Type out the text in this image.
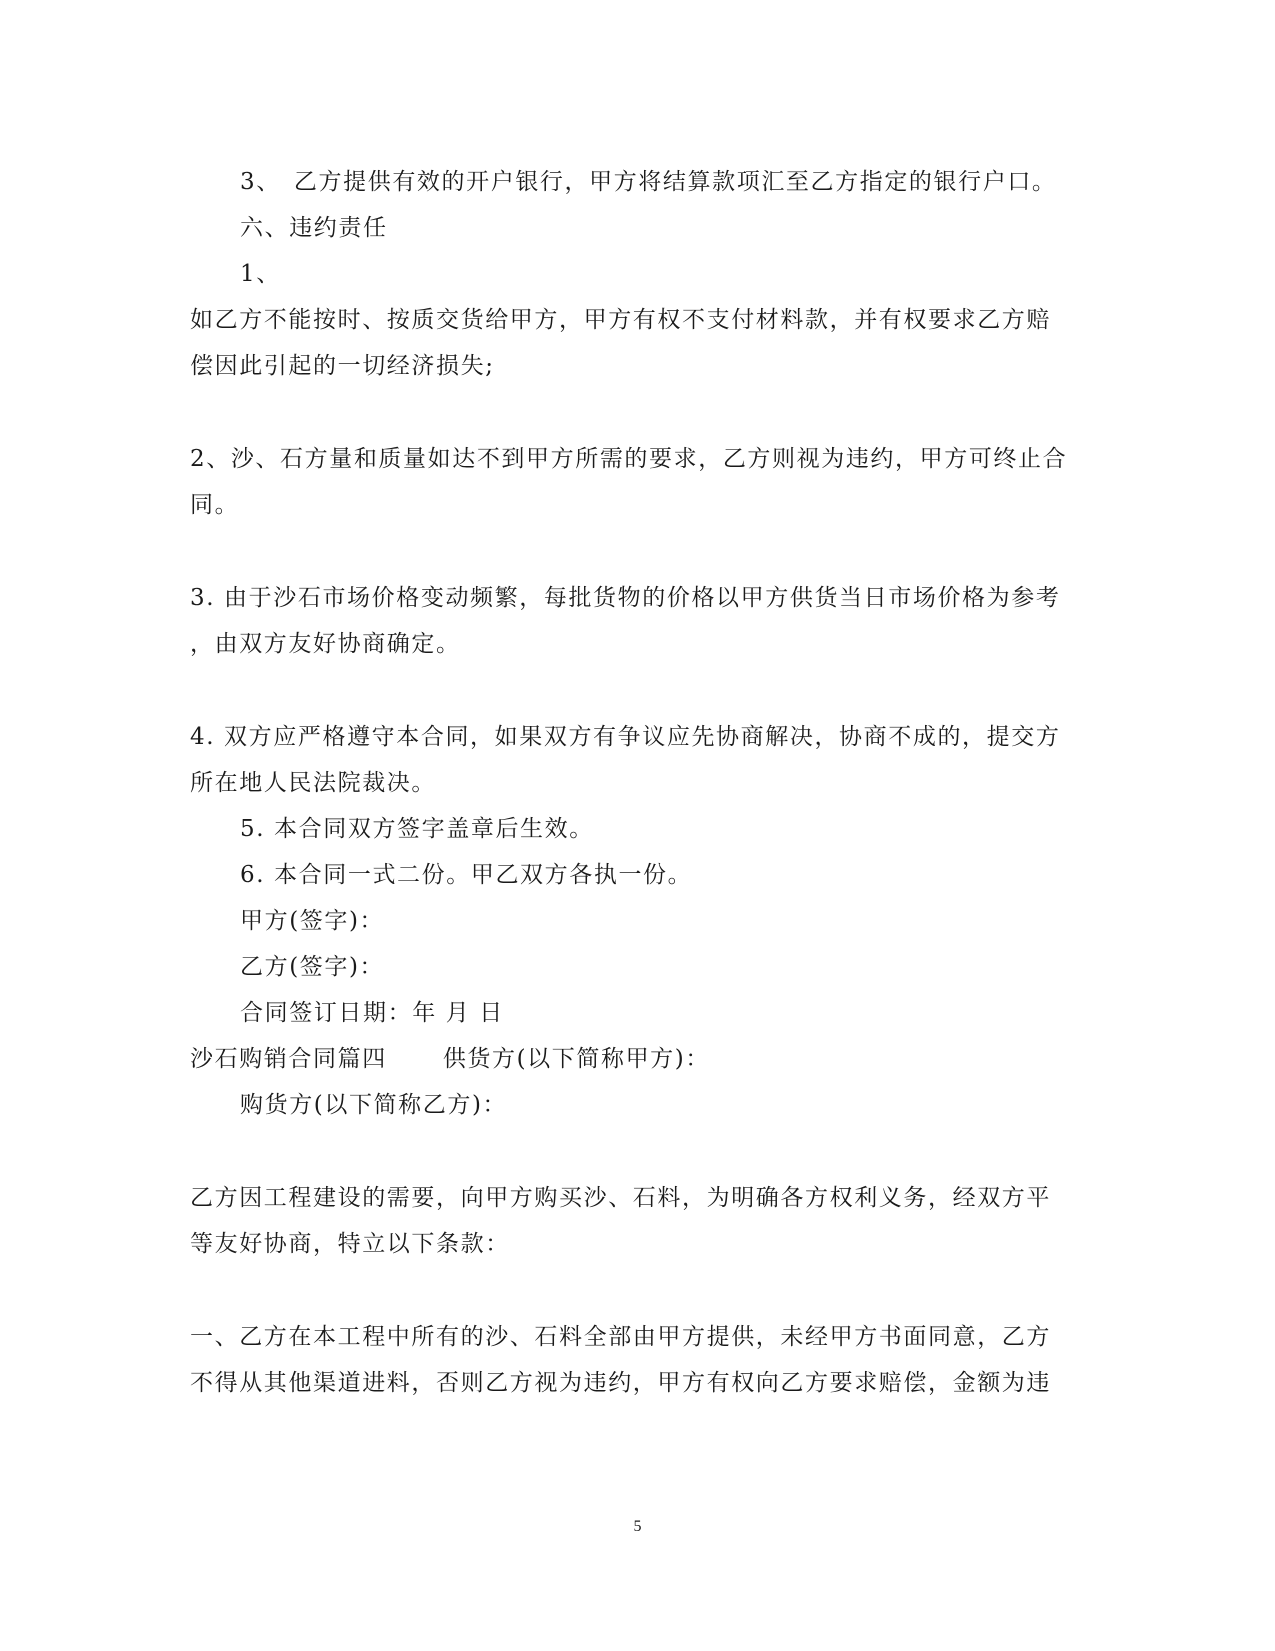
3、　乙方提供有效的开户银行，甲方将结算款项汇至乙方指定的银行户口。
六、违约责任
1、
如乙方不能按时、按质交货给甲方，甲方有权不支付材料款，并有权要求乙方赔
偿因此引起的一切经济损失;
2、沙、石方量和质量如达不到甲方所需的要求，乙方则视为违约，甲方可终止合
同。
3. 由于沙石市场价格变动频繁，每批货物的价格以甲方供货当日市场价格为参考
，由双方友好协商确定。
4. 双方应严格遵守本合同，如果双方有争议应先协商解决，协商不成的，提交方
所在地人民法院裁决。
5. 本合同双方签字盖章后生效。
6. 本合同一式二份。甲乙双方各执一份。
甲方(签字)：
乙方(签字)：
合同签订日期：年 月 日
沙石购销合同篇四 供货方(以下简称甲方)：
购货方(以下简称乙方)：
乙方因工程建设的需要，向甲方购买沙、石料，为明确各方权利义务，经双方平
等友好协商，特立以下条款：
一、乙方在本工程中所有的沙、石料全部由甲方提供，未经甲方书面同意，乙方
不得从其他渠道进料，否则乙方视为违约，甲方有权向乙方要求赔偿，金额为违
5
